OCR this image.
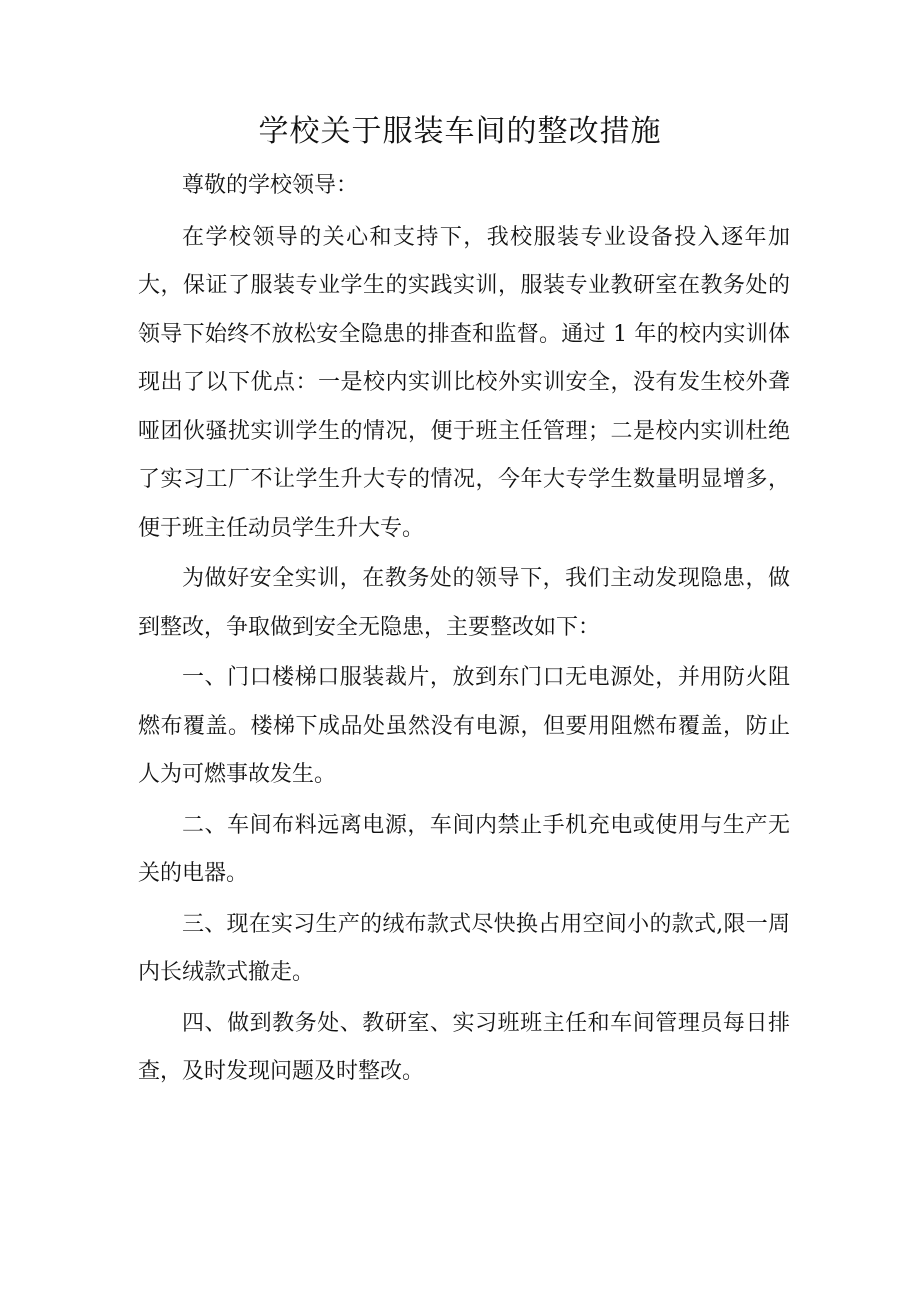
学校关于服装车间的整改措施

尊敬的学校领导：

在学校领导的关心和支持下，我校服装专业设备投入逐年加大，保证了服装专业学生的实践实训，服装专业教研室在教务处的领导下始终不放松安全隐患的排查和监督。通过 1 年的校内实训体现出了以下优点：一是校内实训比校外实训安全，没有发生校外聋哑团伙骚扰实训学生的情况，便于班主任管理；二是校内实训杜绝了实习工厂不让学生升大专的情况，今年大专学生数量明显增多，便于班主任动员学生升大专。

为做好安全实训，在教务处的领导下，我们主动发现隐患，做到整改，争取做到安全无隐患，主要整改如下：

一、门口楼梯口服装裁片，放到东门口无电源处，并用防火阻燃布覆盖。楼梯下成品处虽然没有电源，但要用阻燃布覆盖，防止人为可燃事故发生。

二、车间布料远离电源，车间内禁止手机充电或使用与生产无关的电器。

三、现在实习生产的绒布款式尽快换占用空间小的款式,限一周内长绒款式撤走。

四、做到教务处、教研室、实习班班主任和车间管理员每日排查，及时发现问题及时整改。
